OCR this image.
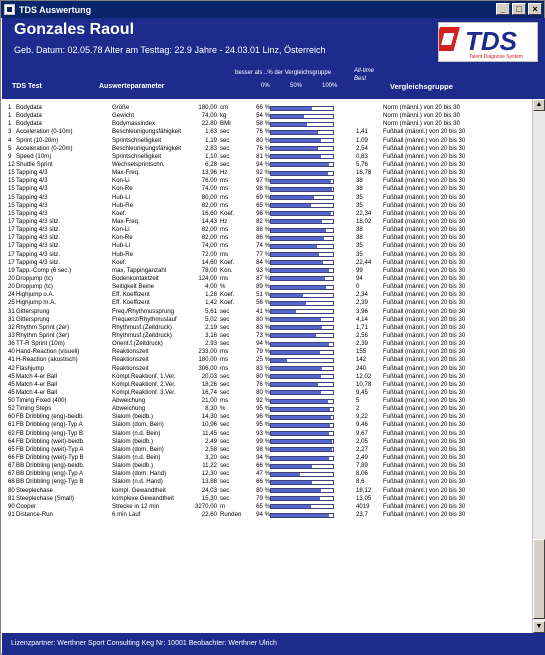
TDS Auswertung	_	□	×
Gonzales Raoul
Geb. Datum: 02.05.78 Alter am Testtag: 22.9 Jahre - 24.03.01 Linz, Österreich	TDS
Talent Diagnose System
TDS Test	Auswerteparameter
besser als ..% der Vergleichsgruppe
0%	50%	100%
All-time Best
Vergleichsgruppe
1 Bodydata	Größe	180,00 cm	66 %	Norm (männl.) von 20 bis 30
1 Bodydata	Gewicht	74,00 kg	54 %	Norm (männl.) von 20 bis 30
1 Bodydata	Bodymassindex	22,80 BMI	58 %	Norm (männl.) von 20 bis 30
3 Acceleration (0-10m)	Beschleunigungsfähigkeit	1,63 sec	76 %	1,41 Fußball (männl.) von 20 bis 30
4 Sprint (10-20m)	Sprintschnelligkeit	1,19 sec	80 %	1,09 Fußball (männl.) von 20 bis 30
5 Acceleration (0-20m)	Beschleunigungsfähigkeit	2,83 sec	76 %	2,54 Fußball (männl.) von 20 bis 30
9 Speed (10m)	Sprintschnelligkeit	1,10 sec	81 %	0,83 Fußball (männl.) von 20 bis 30
12 Shuttle Sprint	Wechselsprintschn.	6,28 sec	94 %	5,76 Fußball (männl.) von 20 bis 30
15 Tapping 4/3	Max-Freq.	13,96 Hz	92 %	16,78 Fußball (männl.) von 20 bis 30
15 Tapping 4/3	Kon-Li	76,00 ms	97 %	38	Fußball (männl.) von 20 bis 30
15 Tapping 4/3	Kon-Re	74,00 ms	98 %	38	Fußball (männl.) von 20 bis 30
15 Tapping 4/3	Hub-Li	80,00 ms	69 %	35	Fußball (männl.) von 20 bis 30
15 Tapping 4/3	Hub-Re	82,00 ms	65 %	35	Fußball (männl.) von 20 bis 30
15 Tapping 4/3	Koef.	16,60 Koef.	96 %	22,34 Fußball (männl.) von 20 bis 30
17 Tapping 4/3 sitz.	Max-Freq.	14,43 Hz	82 %	18,02 Fußball (männl.) von 20 bis 30
17 Tapping 4/3 sitz.	Kon-Li	82,00 ms	88 %	38	Fußball (männl.) von 20 bis 30
17 Tapping 4/3 sitz.	Kon-Re	82,00 ms	86 %	38	Fußball (männl.) von 20 bis 30
17 Tapping 4/3 sitz.	Hub-Li	74,00 ms	74 %	35	Fußball (männl.) von 20 bis 30
17 Tapping 4/3 sitz.	Hub-Re	72,00 ms	77 %	35	Fußball (männl.) von 20 bis 30
17 Tapping 4/3 sitz.	Koef.	14,60 Koef.	84 %	22,44 Fußball (männl.) von 20 bis 30
19 Tapp.-Comp (6 sec.)	max. Tappinganzahl	78,00 Kon.	93 %	99	Fußball (männl.) von 20 bis 30
20 Dropjump (tc)	Bodenkontaktzeit	124,00 ms	87 %	94	Fußball (männl.) von 20 bis 30
20 Dropjump (tc)	Seitigkeit Beine	4,00 %	89 %	0	Fußball (männl.) von 20 bis 30
24 Highjump o.A.	Eff. Koeffizent	1,28 Koef.	51 %	2,34 Fußball (männl.) von 20 bis 30
25 Highjump m.A.	Eff. Koeffizent	1,42 Koef.	56 %	2,39 Fußball (männl.) von 20 bis 30
31 Gittersprung	Freq./Rhythmussprung	5,61 sec	41 %	3,96 Fußball (männl.) von 20 bis 30
31 Gittersprung	Frequenz/Rhythmuslauf	5,02 sec	80 %	4,14 Fußball (männl.) von 20 bis 30
32 Rhythm Sprint (2er)	Rhythmusf.(Zeitdruck)	2,19 sec	83 %	1,71 Fußball (männl.) von 20 bis 30
33 Rhythm Sprint (3er)	Rhythmusf.(Zeitdruck)	3,16 sec	73 %	2,56 Fußball (männl.) von 20 bis 30
36 TT-R Sprint (10m)	Orient.f.(Zeitdruck)	2,93 sec	94 %	2,39 Fußball (männl.) von 20 bis 30
40 Hand-Reaction (visuell)	Reaktionszeit	233,00 ms	79 %	155	Fußball (männl.) von 20 bis 30
41 H-Reaction (akustisch)	Reaktionszeit	180,00 ms	25 %	142	Fußball (männl.) von 20 bis 30
42 Flashjump	Reaktionszeit	306,00 ms	83 %	240	Fußball (männl.) von 20 bis 30
45 Match 4-er Ball	Kompl.Reaktionf. 1.Ver.	20,03 sec	80 %	12,02 Fußball (männl.) von 20 bis 30
45 Match 4-er Ball	Kompl.Reaktionf. 2.Ver.	18,26 sec	76 %	10,78 Fußball (männl.) von 20 bis 30
45 Match 4-er Ball	Kompl.Reaktionf. 3.Ver.	16,74 sec	80 %	9,45 Fußball (männl.) von 20 bis 30
50 Timing Fixed (400)	Abweichung	21,00 ms	92 %	5	Fußball (männl.) von 20 bis 30
52 Timing Steps	Abweichung	8,30 %	95 %	2	Fußball (männl.) von 20 bis 30
60 FB Dribbling (eng)-beidb.	Slalom (beidb.)	14,30 sec	96 %	9,22 Fußball (männl.) von 20 bis 30
61 FB Dribbling (eng)-Typ A	Slalom (dom. Bein)	10,96 sec	95 %	9,46 Fußball (männl.) von 20 bis 30
62 FB Dribbling (eng)-Typ B	Slalom (n.d. Bein)	11,45 sec	93 %	9,67 Fußball (männl.) von 20 bis 30
64 FB Dribbling (weit)-beidb.	Slalom (beidb.)	2,49 sec	99 %	2,05 Fußball (männl.) von 20 bis 30
65 FB Dribbling (weit)-Typ A	Slalom (dom. Bein)	2,58 sec	98 %	2,27 Fußball (männl.) von 20 bis 30
66 FB Dribbling (weit)-Typ B	Slalom (n.d. Bein)	3,20 sec	94 %	2,49 Fußball (männl.) von 20 bis 30
67 BB Dribbling (eng)-beidb.	Slalom (beidb.)	11,22 sec	66 %	7,89 Fußball (männl.) von 20 bis 30
67 BB Dribbling (eng)-Typ A	Slalom (dom. Hand)	12,30 sec	47 %	8,06 Fußball (männl.) von 20 bis 30
68 BB Dribbling (eng)-Typ B	Slalom (n.d. Hand)	13,88 sec	66 %	8,6	Fußball (männl.) von 20 bis 30
80 Steeplechase	kompl. Gewandtheit	24,03 sec	80 %	18,12 Fußball (männl.) von 20 bis 30
81 Steeplechase (Small)	komplexe Gewandtheit	15,30 sec	79 %	13,05 Fußball (männl.) von 20 bis 30
90 Cooper	Strecke in 12 min	3270,00 m	65 %	4019 Fußball (männl.) von 20 bis 30
91 Distance-Run	6 min Lauf	22,60 Runden	94 %	23,7 Fußball (männl.) von 20 bis 30
▲
▼
Lizenzpartner: Werthner Sport Consulting Keg Nr: 10001 Beobachter: Werthner Ulrich
